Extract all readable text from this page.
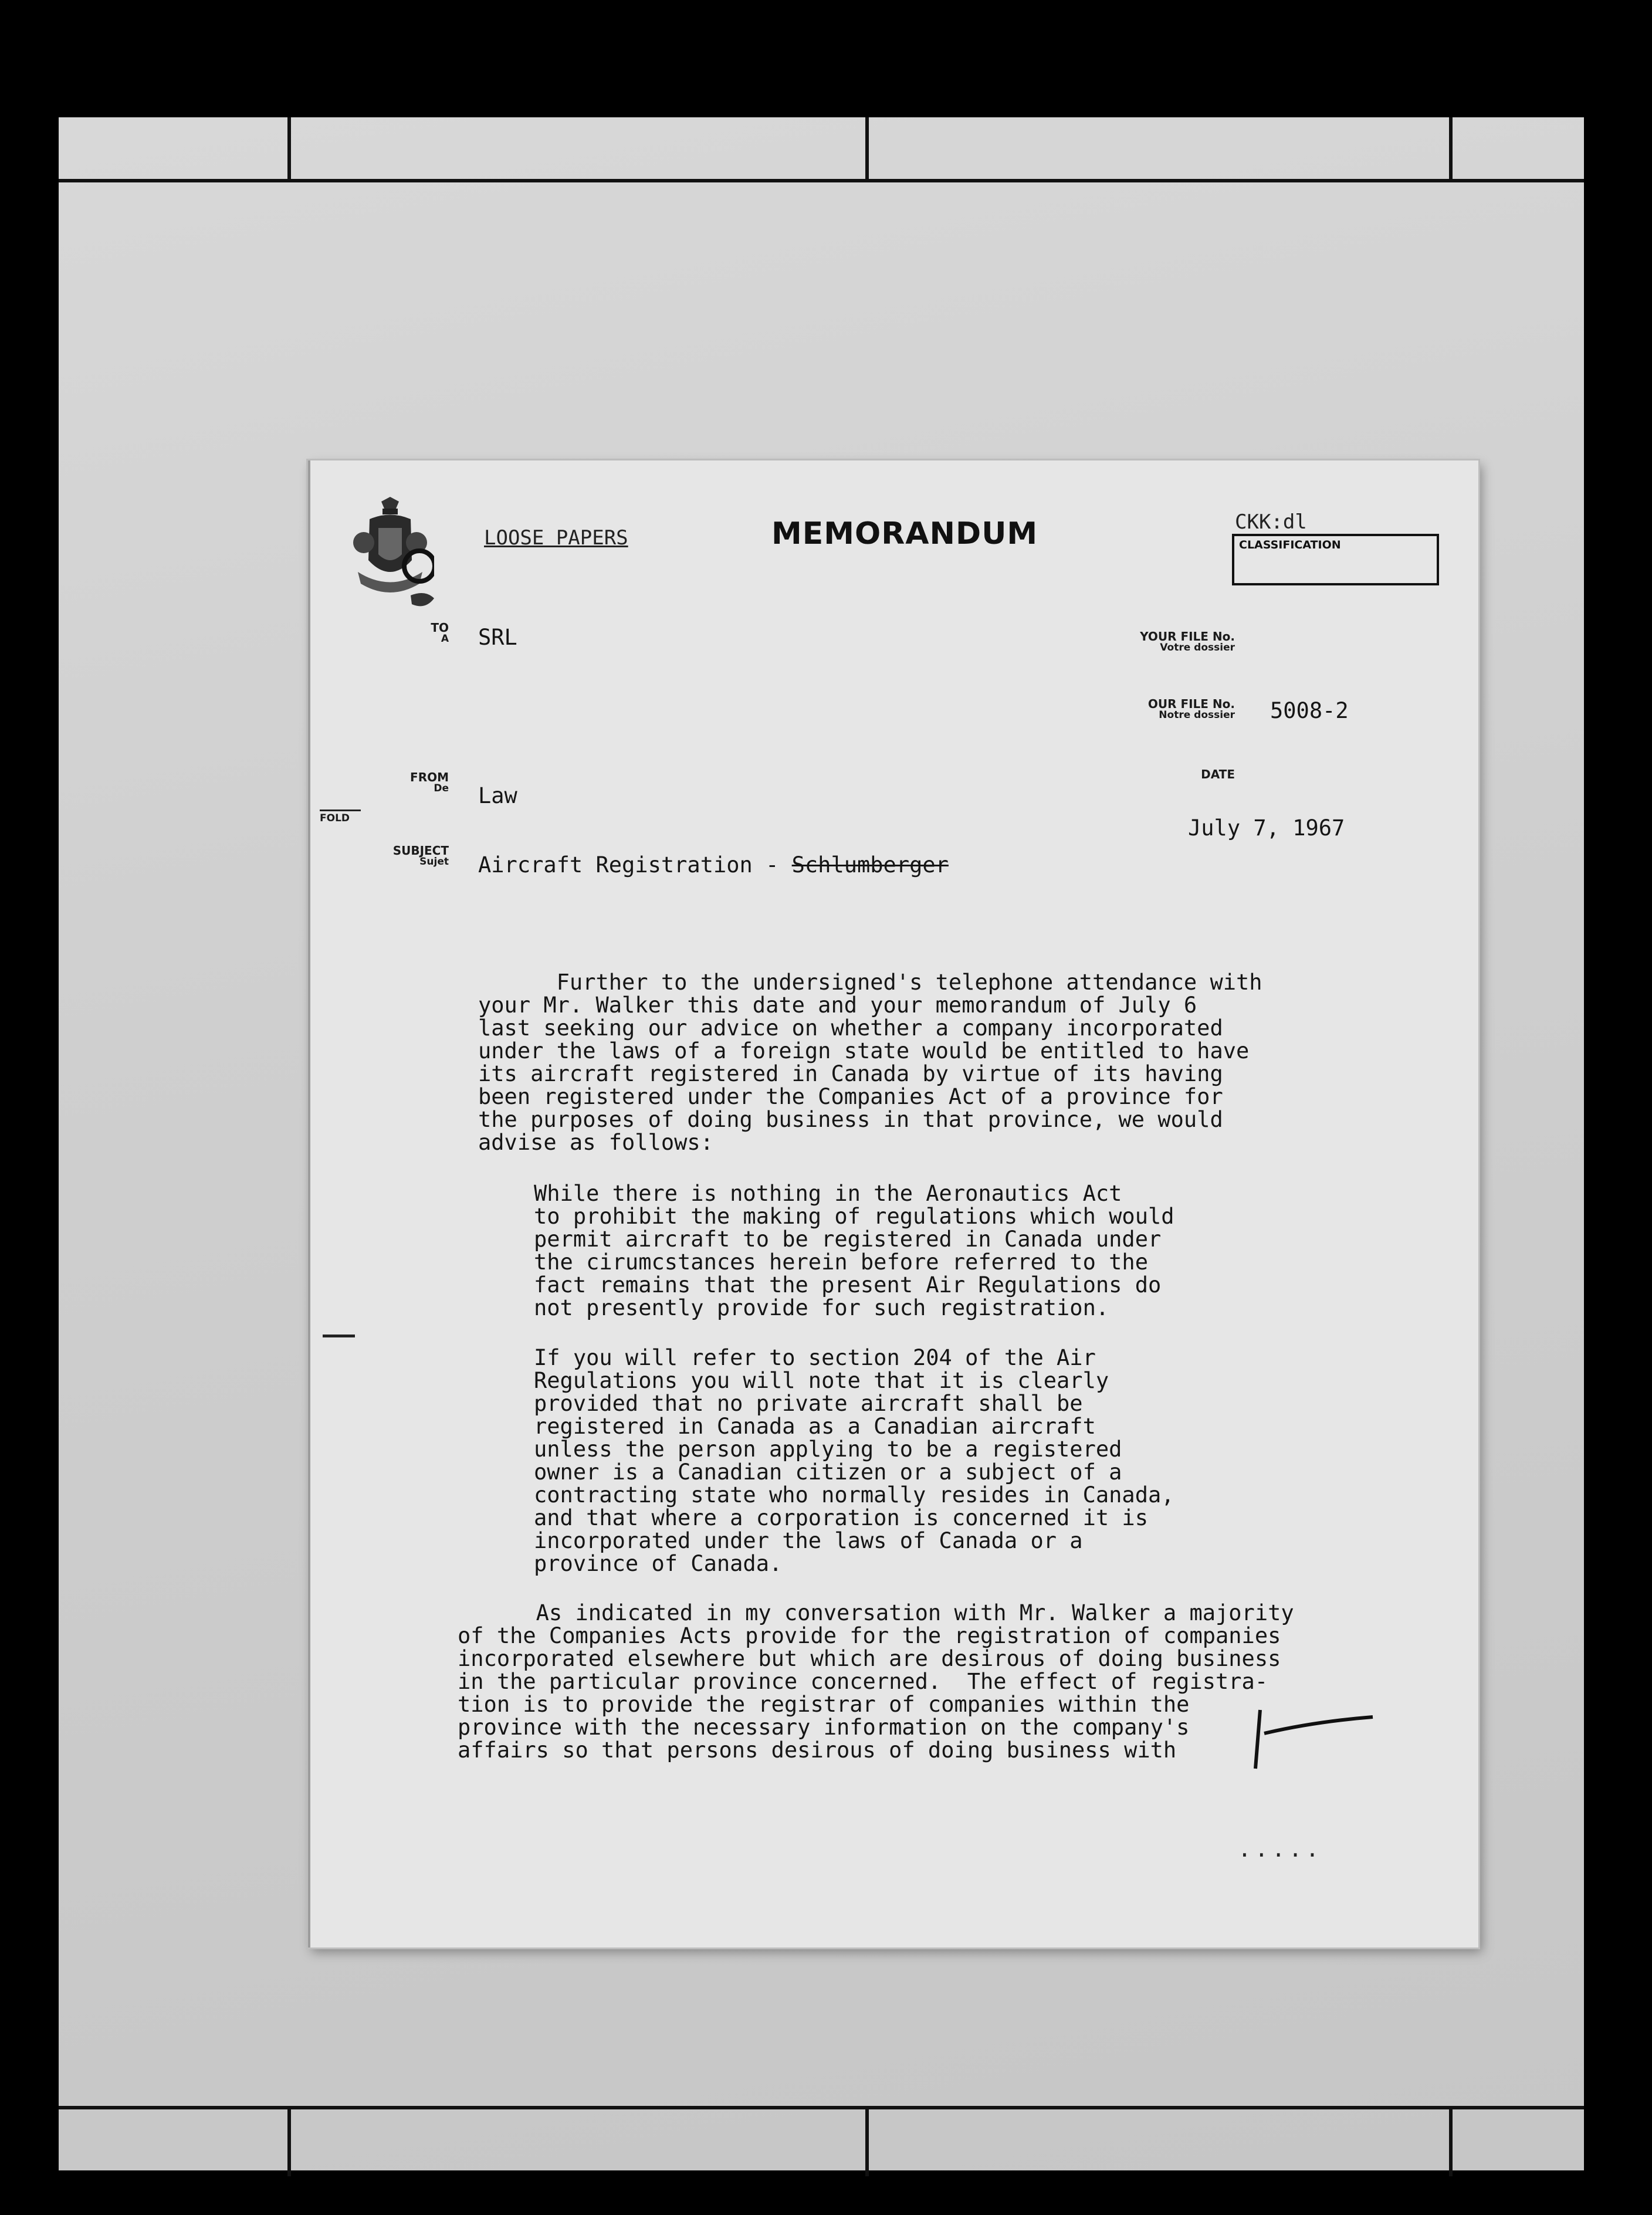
LOOSE PAPERS	MEMORANDUM	CKK:dl
CLASSIFICATION
TO
A SRL	YOUR FILE No.
Votre dossier
OUR FILE No.
Notre dossier 5008-2
FROM
De Law
FOLD
DATE
July 7, 1967
SUBJECT
Sujet Aircraft Registration - Schlumberger
Further to the undersigned's telephone attendance with
your Mr. Walker this date and your memorandum of July 6
last seeking our advice on whether a company incorporated
under the laws of a foreign state would be entitled to have
its aircraft registered in Canada by virtue of its having
been registered under the Companies Act of a province for
the purposes of doing business in that province, we would
advise as follows:
While there is nothing in the Aeronautics Act
to prohibit the making of regulations which would
permit aircraft to be registered in Canada under
the cirumcstances herein before referred to the
fact remains that the present Air Regulations do
not presently provide for such registration.
If you will refer to section 204 of the Air
Regulations you will note that it is clearly
provided that no private aircraft shall be
registered in Canada as a Canadian aircraft
unless the person applying to be a registered
owner is a Canadian citizen or a subject of a
contracting state who normally resides in Canada,
and that where a corporation is concerned it is
incorporated under the laws of Canada or a
province of Canada.
As indicated in my conversation with Mr. Walker a majority
of the Companies Acts provide for the registration of companies
incorporated elsewhere but which are desirous of doing business
in the particular province concerned.  The effect of registra-
tion is to provide the registrar of companies within the
province with the necessary information on the company's
affairs so that persons desirous of doing business with
.....
